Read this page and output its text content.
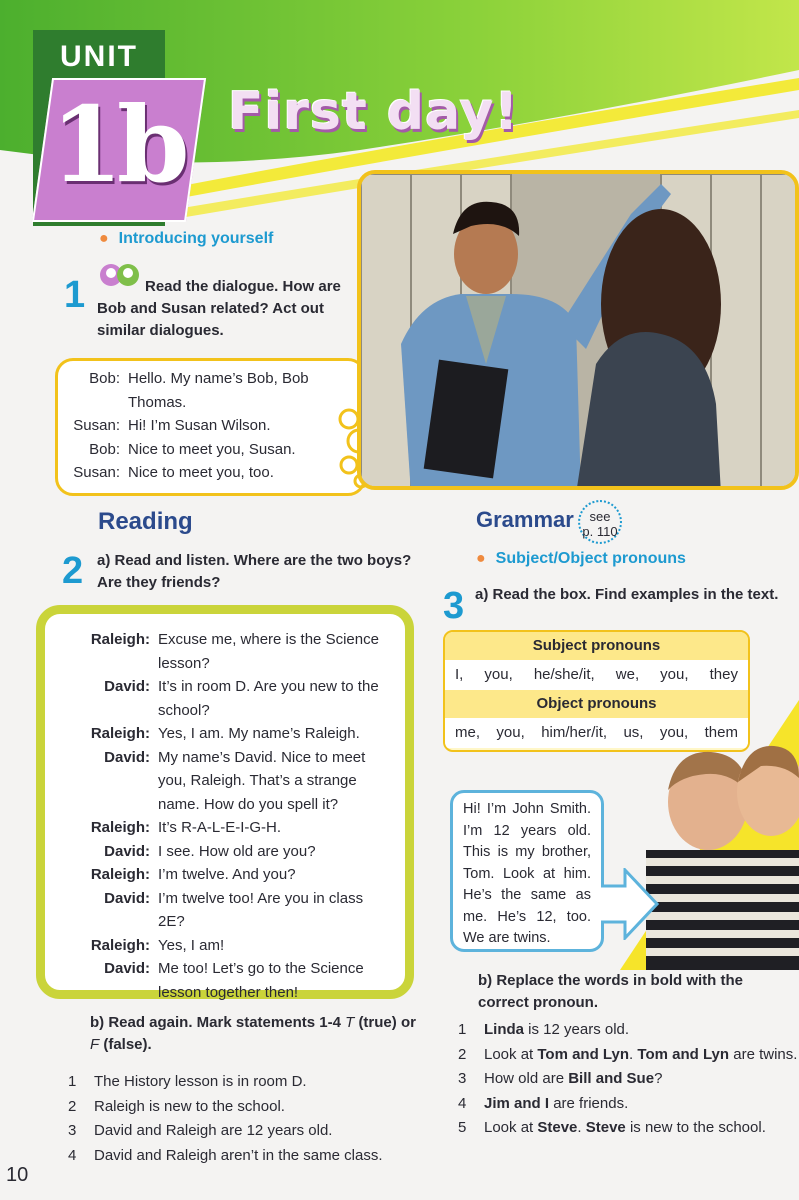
UNIT
1b First day!
● Introducing yourself
1	Read the dialogue. How are Bob and Susan related? Act out similar dialogues.
Bob: Hello. My name’s Bob, Bob Thomas.
Susan: Hi! I’m Susan Wilson.
Bob: Nice to meet you, Susan.
Susan: Nice to meet you, too.
Reading
2 a) Read and listen. Where are the two boys? Are they friends?
Raleigh: Excuse me, where is the Science lesson?
David: It’s in room D. Are you new to the school?
Raleigh: Yes, I am. My name’s Raleigh.
David: My name’s David. Nice to meet you, Raleigh. That’s a strange name. How do you spell it?
Raleigh: It’s R-A-L-E-I-G-H.
David: I see. How old are you?
Raleigh: I’m twelve. And you?
David: I’m twelve too! Are you in class 2E?
Raleigh: Yes, I am!
David: Me too! Let’s go to the Science lesson together then!
b) Read again. Mark statements 1-4 T (true) or F (false).
1	The History lesson is in room D.
2	Raleigh is new to the school.
3	David and Raleigh are 12 years old.
4	David and Raleigh aren’t in the same class.
10
Grammar	see
p. 110
● Subject/Object pronouns
3 a) Read the box. Find examples in the text.
Subject pronouns
I, you, he/she/it, we, you, they
Object pronouns
me, you, him/her/it, us, you, them
Hi! I’m John Smith. I’m 12 years old. This is my brother, Tom. Look at him. He’s the same as me. He’s 12, too. We are twins.
b) Replace the words in bold with the correct pronoun.
1	Linda is 12 years old.
2	Look at Tom and Lyn. Tom and Lyn are twins.
3	How old are Bill and Sue?
4	Jim and I are friends.
5	Look at Steve. Steve is new to the school.
